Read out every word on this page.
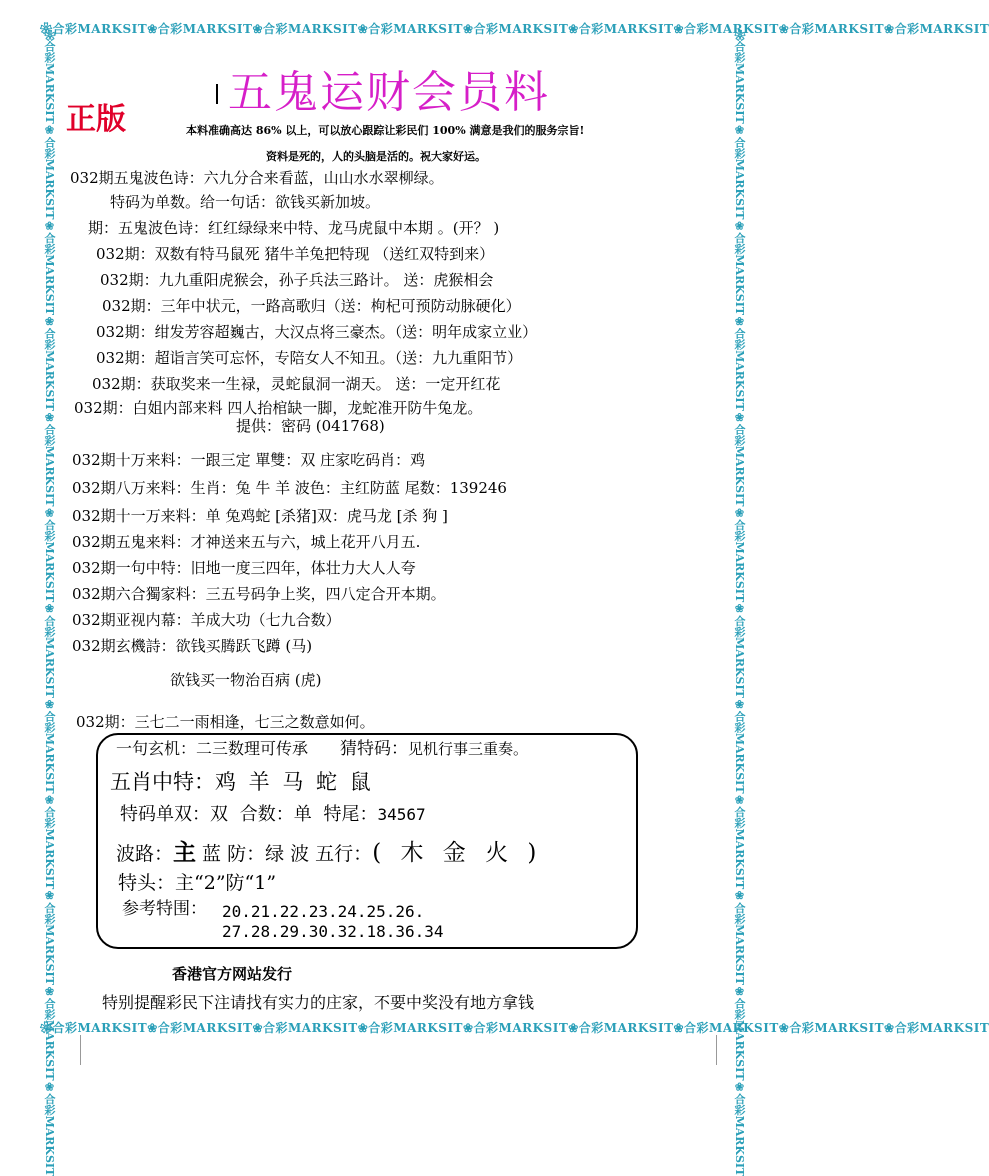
❀合彩MARKSIT❀合彩MARKSIT❀合彩MARKSIT❀合彩MARKSIT❀合彩MARKSIT❀合彩MARKSIT❀合彩MARKSIT❀合彩MARKSIT❀合彩MARKSIT
❀合彩MARKSIT❀合彩MARKSIT❀合彩MARKSIT❀合彩MARKSIT❀合彩MARKSIT❀合彩MARKSIT❀合彩MARKSIT❀合彩MARKSIT❀合彩MARKSIT
❀合彩MARKSIT❀合彩MARKSIT❀合彩MARKSIT❀合彩MARKSIT❀合彩MARKSIT❀合彩MARKSIT❀合彩MARKSIT❀合彩MARKSIT❀合彩MARKSIT❀合彩MARKSIT❀合彩MARKSIT❀合彩MARKSIT	❀合彩MARKSIT❀合彩MARKSIT❀合彩MARKSIT❀合彩MARKSIT❀合彩MARKSIT❀合彩MARKSIT❀合彩MARKSIT❀合彩MARKSIT❀合彩MARKSIT❀合彩MARKSIT❀合彩MARKSIT❀合彩MARKSIT
五鬼运财会员料
正版	本料准确高达 86% 以上，可以放心跟踪让彩民们 100% 满意是我们的服务宗旨!
资料是死的，人的头脑是活的。祝大家好运。
032期五鬼波色诗：六九分合来看蓝，山山水水翠柳绿。
特码为单数。给一句话：欲钱买新加坡。
期：五鬼波色诗：红红绿绿来中特、龙马虎鼠中本期 。(开？ )
032期：双数有特马鼠死 猪牛羊兔把特现 （送红双特到来）
032期：九九重阳虎猴会，孙子兵法三路计。 送：虎猴相会
032期：三年中状元，一路高歌归（送：枸杞可预防动脉硬化）
032期：绀发芳容超巍古，大汉点将三豪杰。（送：明年成家立业）
032期：超诣言笑可忘怀，专陪女人不知丑。（送：九九重阳节）
032期：获取奖来一生禄，灵蛇鼠洞一湖天。 送：一定开红花
032期：白姐内部来料 四人抬棺缺一脚，龙蛇准开防牛兔龙。
提供：密码 (041768)
032期十万来料：一跟三定 單雙：双 庄家吃码肖：鸡
032期八万来料：生肖：兔 牛 羊 波色：主红防蓝 尾数：139246
032期十一万来料：单 兔鸡蛇 [杀猪]双：虎马龙 [杀 狗 ]
032期五鬼来料：才神送来五与六，城上花开八月五.
032期一句中特：旧地一度三四年，体壮力大人人夸
032期六合獨家料：三五号码争上奖，四八定合开本期。
032期亚视内幕：羊成大功（七九合数）
032期玄機詩：欲钱买腾跃飞蹲 (马)
欲钱买一物治百病 (虎)
032期：三七二一雨相逢，七三之数意如何。
一句玄机：二三数理可传承 猜特码：见机行事三重奏。
五肖中特：鸡 羊 马 蛇 鼠
特码单双：双 合数：单 特尾：34567
波路：主 蓝 防：绿 波 五行：( 木 金 火 )
特头：主“2”防“1”
参考特围： 20.21.22.23.24.25.26.
27.28.29.30.32.18.36.34
香港官方网站发行
特别提醒彩民下注请找有实力的庄家，不要中奖没有地方拿钱
